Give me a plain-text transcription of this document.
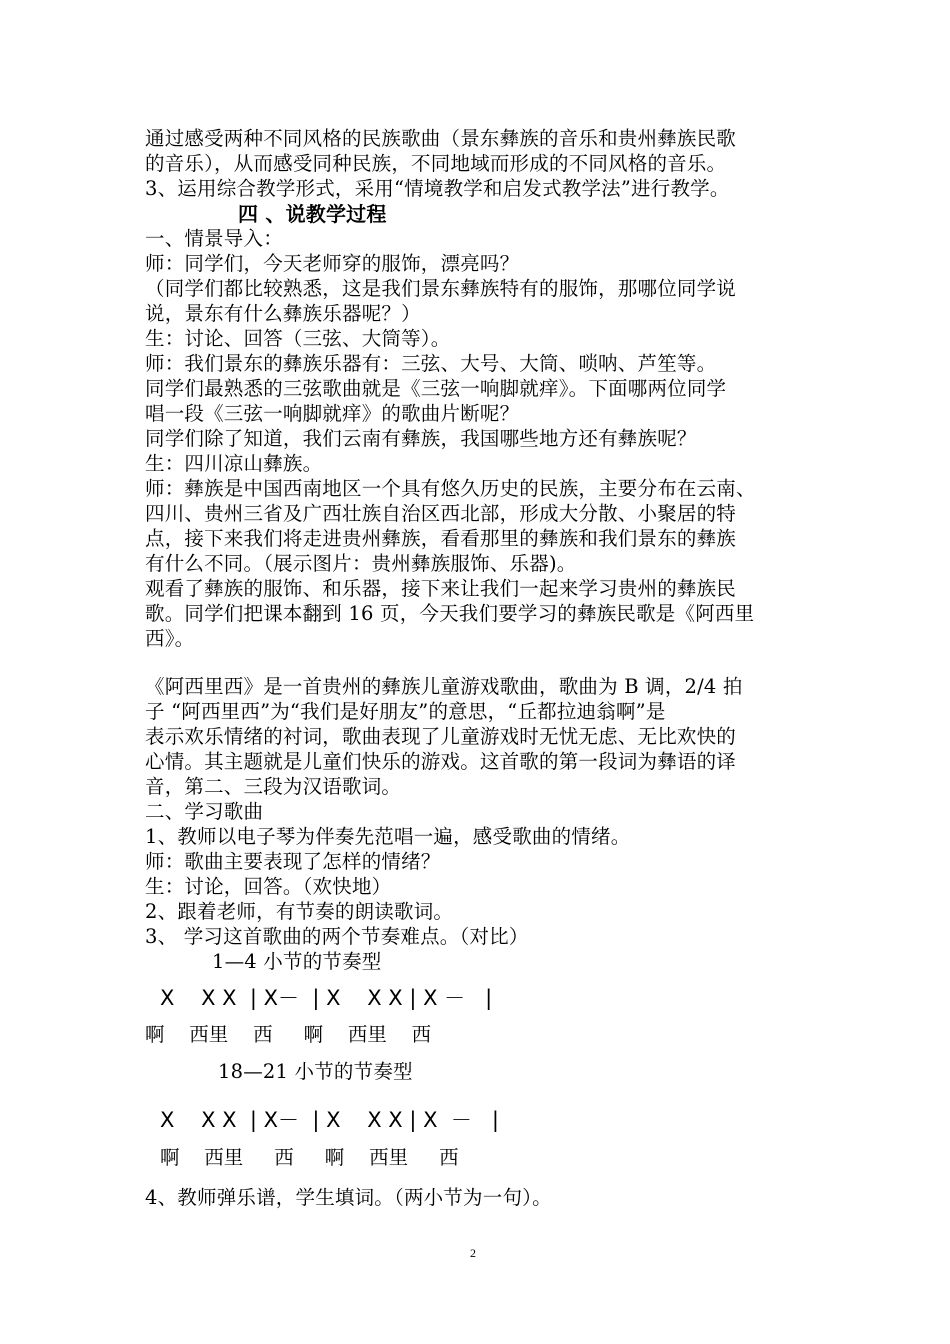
通过感受两种不同风格的民族歌曲（景东彝族的音乐和贵州彝族民歌
的音乐），从而感受同种民族，不同地域而形成的不同风格的音乐。
3、运用综合教学形式，采用“情境教学和启发式教学法”进行教学。
四 、说教学过程
一、情景导入：
师：同学们，今天老师穿的服饰，漂亮吗？
（同学们都比较熟悉，这是我们景东彝族特有的服饰，那哪位同学说
说，景东有什么彝族乐器呢？）
生：讨论、回答（三弦、大筒等）。
师：我们景东的彝族乐器有：三弦、大号、大筒、唢呐、芦笙等。
同学们最熟悉的三弦歌曲就是《三弦一响脚就痒》。下面哪两位同学
唱一段《三弦一响脚就痒》的歌曲片断呢？
同学们除了知道，我们云南有彝族，我国哪些地方还有彝族呢？
生：四川凉山彝族。
师：彝族是中国西南地区一个具有悠久历史的民族，主要分布在云南、
四川、贵州三省及广西壮族自治区西北部，形成大分散、小聚居的特
点，接下来我们将走进贵州彝族，看看那里的彝族和我们景东的彝族
有什么不同。（展示图片：贵州彝族服饰、乐器)。
观看了彝族的服饰、和乐器，接下来让我们一起来学习贵州的彝族民
歌。同学们把课本翻到 16 页，今天我们要学习的彝族民歌是《阿西里
西》。
《阿西里西》是一首贵州的彝族儿童游戏歌曲，歌曲为 B 调，2/4 拍
子 “阿西里西”为“我们是好朋友”的意思，“丘都拉迪翁啊”是
表示欢乐情绪的衬词，歌曲表现了儿童游戏时无忧无虑、无比欢快的
心情。其主题就是儿童们快乐的游戏。这首歌的第一段词为彝语的译
音，第二、三段为汉语歌词。
二、学习歌曲
1、教师以电子琴为伴奏先范唱一遍，感受歌曲的情绪。
师：歌曲主要表现了怎样的情绪？
生：讨论，回答。（欢快地）
2、跟着老师，有节奏的朗读歌词。
3、 学习这首歌曲的两个节奏难点。（对比）
1—4 小节的节奏型
X    X X  | X－  | X    X X | X －   |
啊    西里    西     啊    西里    西
18—21 小节的节奏型
X    X X  | X－  | X    X X | X  －   |
啊    西里     西     啊    西里     西
4、教师弹乐谱，学生填词。（两小节为一句）。
2
